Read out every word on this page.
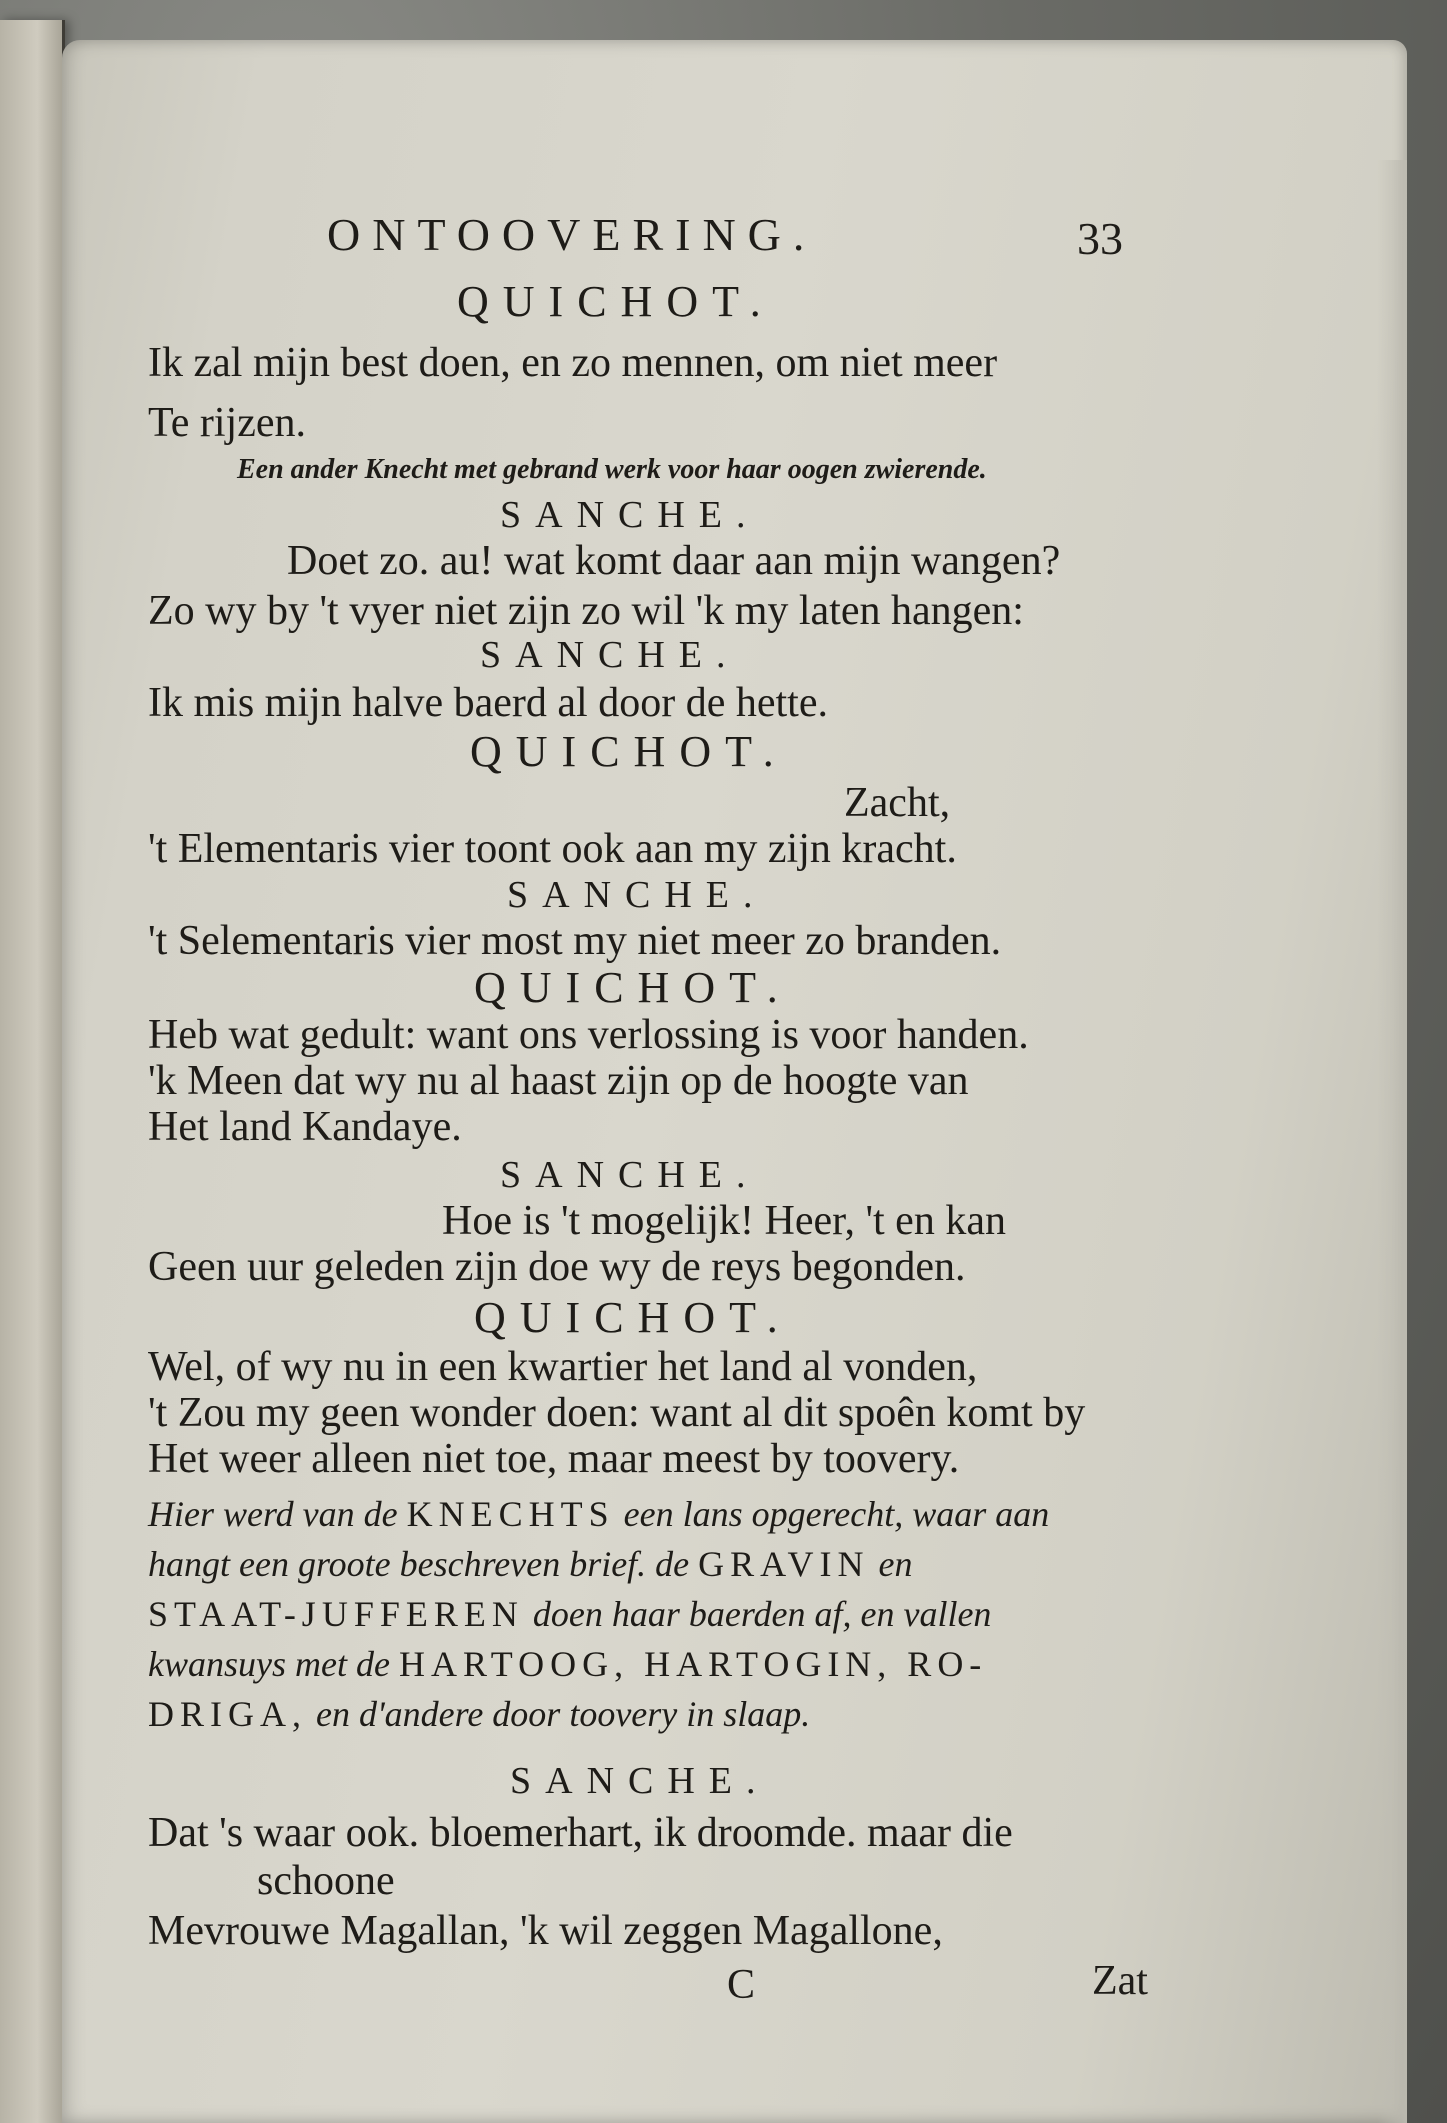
ONTOOVERING.	33
QUICHOT.
Ik zal mijn best doen, en zo mennen, om niet meer
Te rijzen.
Een ander Knecht met gebrand werk voor haar oogen zwierende.
SANCHE.
Doet zo. au! wat komt daar aan mijn wangen?
Zo wy by 't vyer niet zijn zo wil 'k my laten hangen:
SANCHE.
Ik mis mijn halve baerd al door de hette.
QUICHOT.
Zacht,
't Elementaris vier toont ook aan my zijn kracht.
SANCHE.
't Selementaris vier most my niet meer zo branden.
QUICHOT.
Heb wat gedult: want ons verlossing is voor handen.
'k Meen dat wy nu al haast zijn op de hoogte van
Het land Kandaye.
SANCHE.
Hoe is 't mogelijk! Heer, 't en kan
Geen uur geleden zijn doe wy de reys begonden.
QUICHOT.
Wel, of wy nu in een kwartier het land al vonden,
't Zou my geen wonder doen: want al dit spoên komt by
Het weer alleen niet toe, maar meest by toovery.
Hier werd van de KNECHTS een lans opgerecht, waar aan
hangt een groote beschreven brief. de GRAVIN en
STAAT-JUFFEREN doen haar baerden af, en vallen
kwansuys met de HARTOOG, HARTOGIN, RO-
DRIGA, en d'andere door toovery in slaap.
SANCHE.
Dat 's waar ook. bloemerhart, ik droomde. maar die
schoone
Mevrouwe Magallan, 'k wil zeggen Magallone,
C	Zat
